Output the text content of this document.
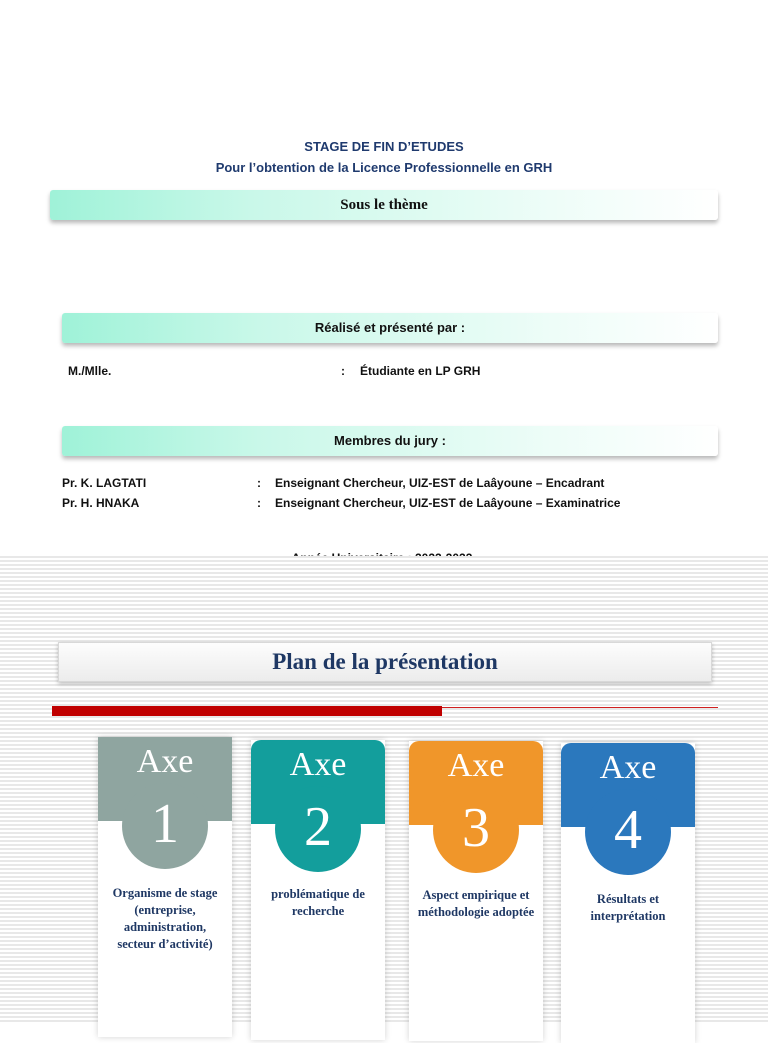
STAGE DE FIN D’ETUDES
Pour l’obtention de la Licence Professionnelle en GRH
Sous le thème
Réalisé et présenté par :
M./Mlle.	: Étudiante en LP GRH
Membres du jury :
Pr. K. LAGTATI	: Enseignant Chercheur, UIZ-EST de Laâyoune – Encadrant
Pr. H. HNAKA	: Enseignant Chercheur, UIZ-EST de Laâyoune – Examinatrice
Plan de la présentation
Axe
1
Organisme de stage (entreprise, administration, secteur d’activité)
Axe
2
problématique de recherche
Axe
3
Aspect empirique et méthodologie adoptée
Axe
4
Résultats et interprétation
